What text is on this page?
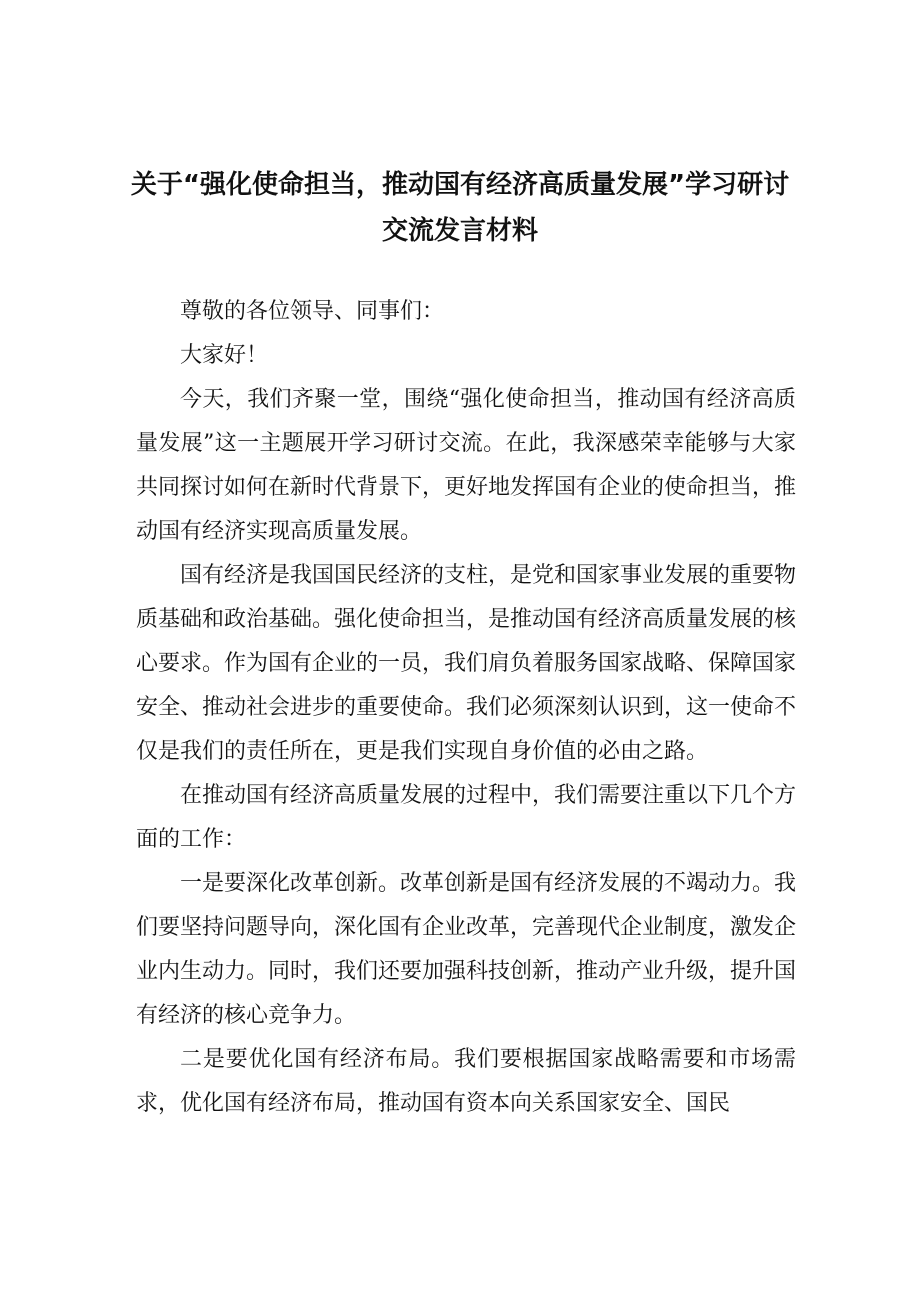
关于“强化使命担当，推动国有经济高质量发展”学习研讨
交流发言材料

尊敬的各位领导、同事们：

大家好！

今天，我们齐聚一堂，围绕“强化使命担当，推动国有经济高质量发展”这一主题展开学习研讨交流。在此，我深感荣幸能够与大家共同探讨如何在新时代背景下，更好地发挥国有企业的使命担当，推动国有经济实现高质量发展。

国有经济是我国国民经济的支柱，是党和国家事业发展的重要物质基础和政治基础。强化使命担当，是推动国有经济高质量发展的核心要求。作为国有企业的一员，我们肩负着服务国家战略、保障国家安全、推动社会进步的重要使命。我们必须深刻认识到，这一使命不仅是我们的责任所在，更是我们实现自身价值的必由之路。

在推动国有经济高质量发展的过程中，我们需要注重以下几个方面的工作：

一是要深化改革创新。改革创新是国有经济发展的不竭动力。我们要坚持问题导向，深化国有企业改革，完善现代企业制度，激发企业内生动力。同时，我们还要加强科技创新，推动产业升级，提升国有经济的核心竞争力。

二是要优化国有经济布局。我们要根据国家战略需要和市场需求，优化国有经济布局，推动国有资本向关系国家安全、国民
